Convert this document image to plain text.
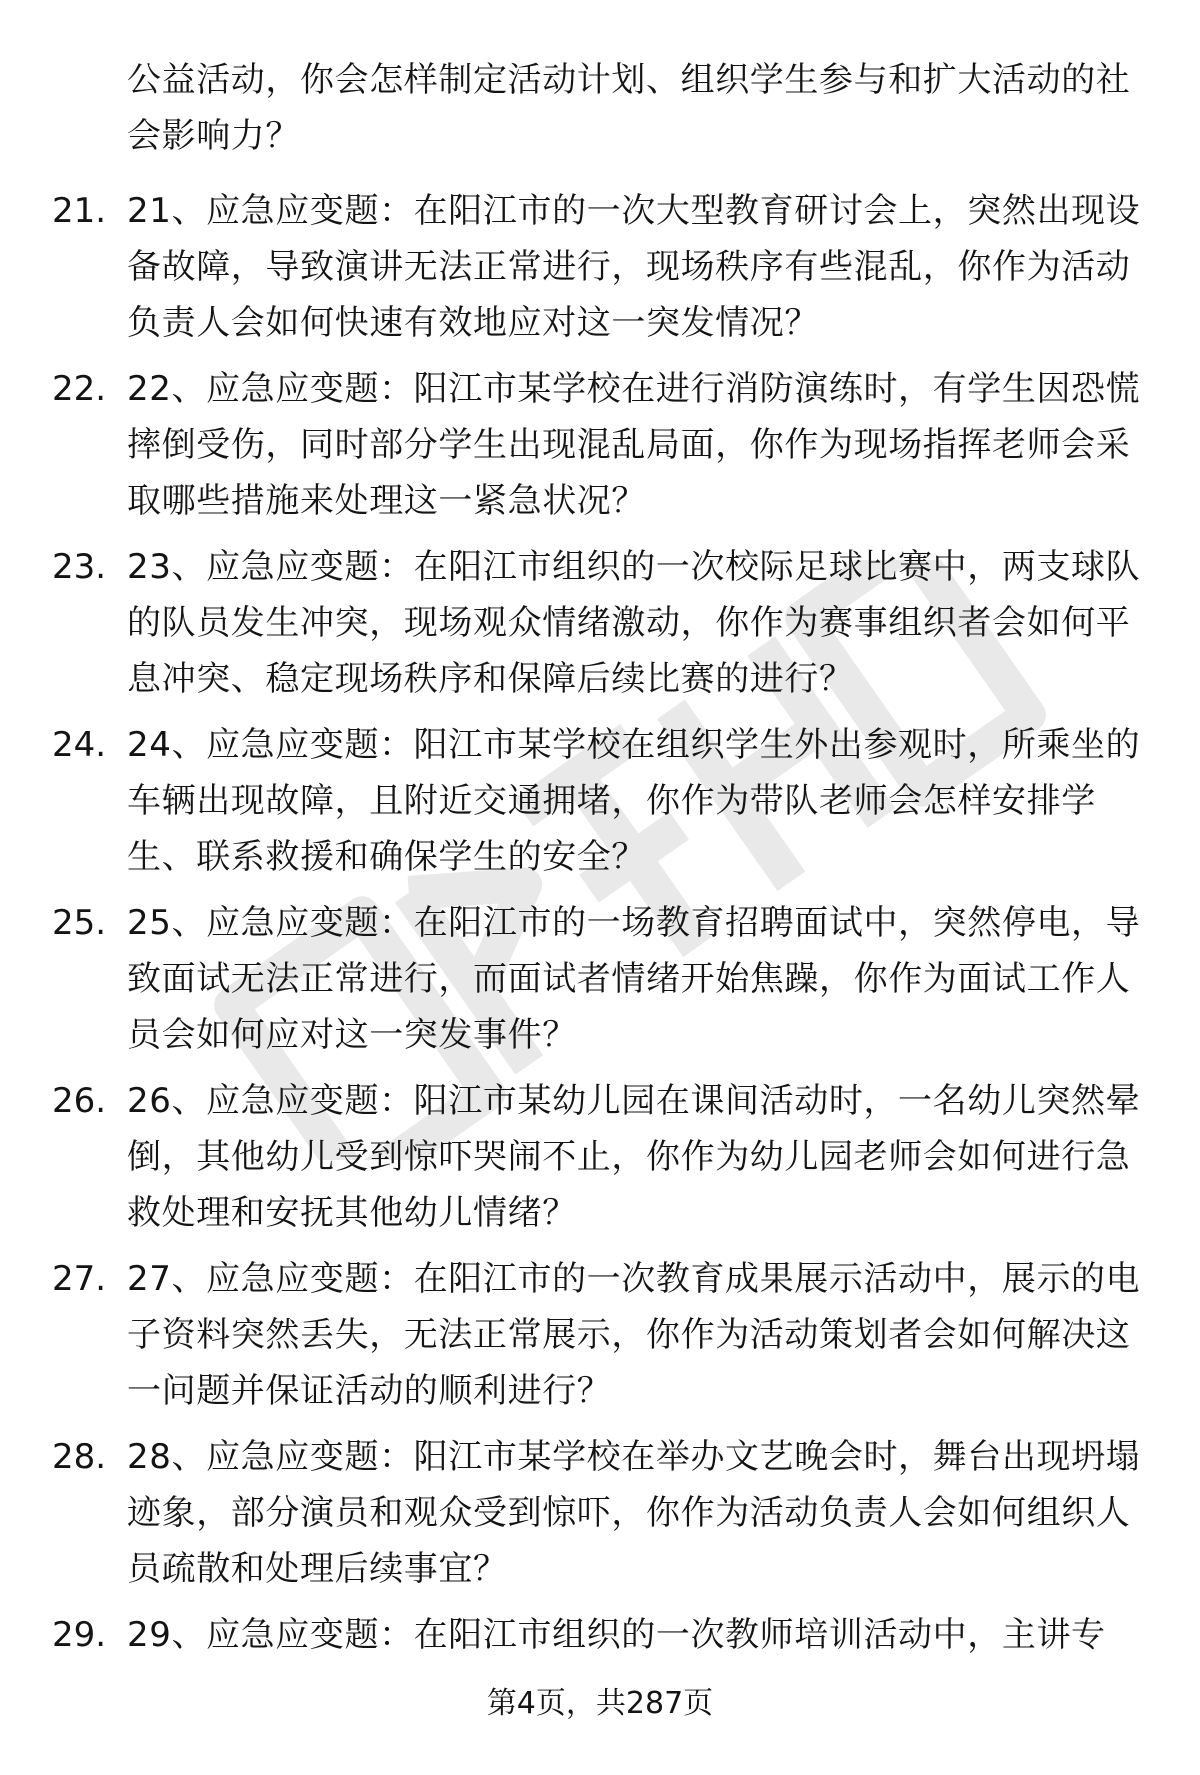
公益活动，你会怎样制定活动计划、组织学生参与和扩大活动的社会影响力？
21. 21、应急应变题：在阳江市的一次大型教育研讨会上，突然出现设备故障，导致演讲无法正常进行，现场秩序有些混乱，你作为活动负责人会如何快速有效地应对这一突发情况？
22. 22、应急应变题：阳江市某学校在进行消防演练时，有学生因恐慌摔倒受伤，同时部分学生出现混乱局面，你作为现场指挥老师会采取哪些措施来处理这一紧急状况？
23. 23、应急应变题：在阳江市组织的一次校际足球比赛中，两支球队的队员发生冲突，现场观众情绪激动，你作为赛事组织者会如何平息冲突、稳定现场秩序和保障后续比赛的进行？
24. 24、应急应变题：阳江市某学校在组织学生外出参观时，所乘坐的车辆出现故障，且附近交通拥堵，你作为带队老师会怎样安排学生、联系救援和确保学生的安全？
25. 25、应急应变题：在阳江市的一场教育招聘面试中，突然停电，导致面试无法正常进行，而面试者情绪开始焦躁，你作为面试工作人员会如何应对这一突发事件？
26. 26、应急应变题：阳江市某幼儿园在课间活动时，一名幼儿突然晕倒，其他幼儿受到惊吓哭闹不止，你作为幼儿园老师会如何进行急救处理和安抚其他幼儿情绪？
27. 27、应急应变题：在阳江市的一次教育成果展示活动中，展示的电子资料突然丢失，无法正常展示，你作为活动策划者会如何解决这一问题并保证活动的顺利进行？
28. 28、应急应变题：阳江市某学校在举办文艺晚会时，舞台出现坍塌迹象，部分演员和观众受到惊吓，你作为活动负责人会如何组织人员疏散和处理后续事宜？
29. 29、应急应变题：在阳江市组织的一次教师培训活动中，主讲专
第4页，共287页
